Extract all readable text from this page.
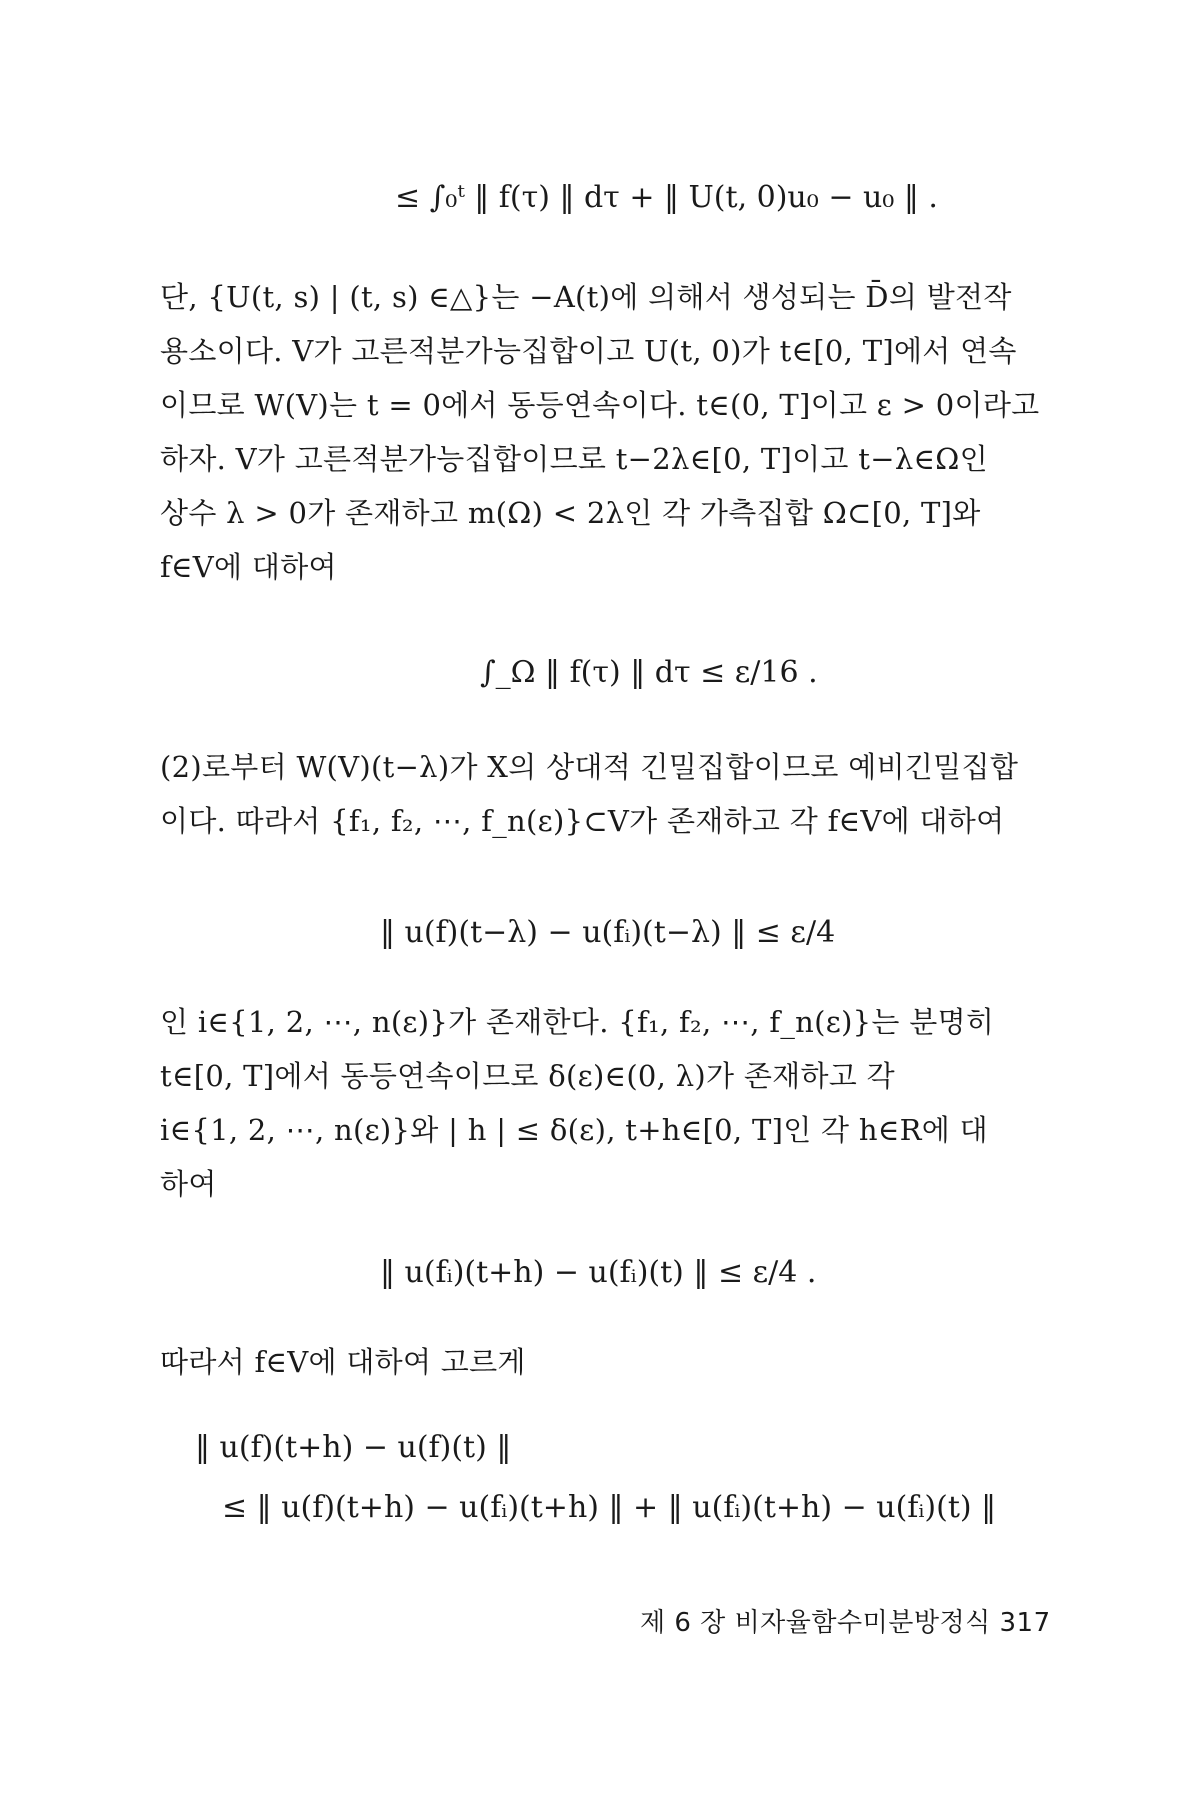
≤ ∫₀ᵗ ‖ f(τ) ‖ dτ + ‖ U(t, 0)u₀ − u₀ ‖ .
단, {U(t, s) | (t, s) ∈△}는 −A(t)에 의해서 생성되는 D̄의 발전작
용소이다. V가 고른적분가능집합이고 U(t, 0)가 t∈[0, T]에서 연속
이므로 W(V)는 t = 0에서 동등연속이다. t∈(0, T]이고 ε > 0이라고
하자. V가 고른적분가능집합이므로 t−2λ∈[0, T]이고 t−λ∈Ω인
상수 λ > 0가 존재하고 m(Ω) < 2λ인 각 가측집합 Ω⊂[0, T]와
f∈V에 대하여
∫_Ω ‖ f(τ) ‖ dτ ≤ ε/16 .
(2)로부터 W(V)(t−λ)가 X의 상대적 긴밀집합이므로 예비긴밀집합
이다. 따라서 {f₁, f₂, ⋯, f_n(ε)}⊂V가 존재하고 각 f∈V에 대하여
‖ u(f)(t−λ) − u(fᵢ)(t−λ) ‖ ≤ ε/4
인 i∈{1, 2, ⋯, n(ε)}가 존재한다. {f₁, f₂, ⋯, f_n(ε)}는 분명히
t∈[0, T]에서 동등연속이므로 δ(ε)∈(0, λ)가 존재하고 각
i∈{1, 2, ⋯, n(ε)}와 | h | ≤ δ(ε), t+h∈[0, T]인 각 h∈R에 대
하여
‖ u(fᵢ)(t+h) − u(fᵢ)(t) ‖ ≤ ε/4 .
따라서 f∈V에 대하여 고르게
‖ u(f)(t+h) − u(f)(t) ‖
≤ ‖ u(f)(t+h) − u(fᵢ)(t+h) ‖ + ‖ u(fᵢ)(t+h) − u(fᵢ)(t) ‖
제 6 장 비자율함수미분방정식 317
